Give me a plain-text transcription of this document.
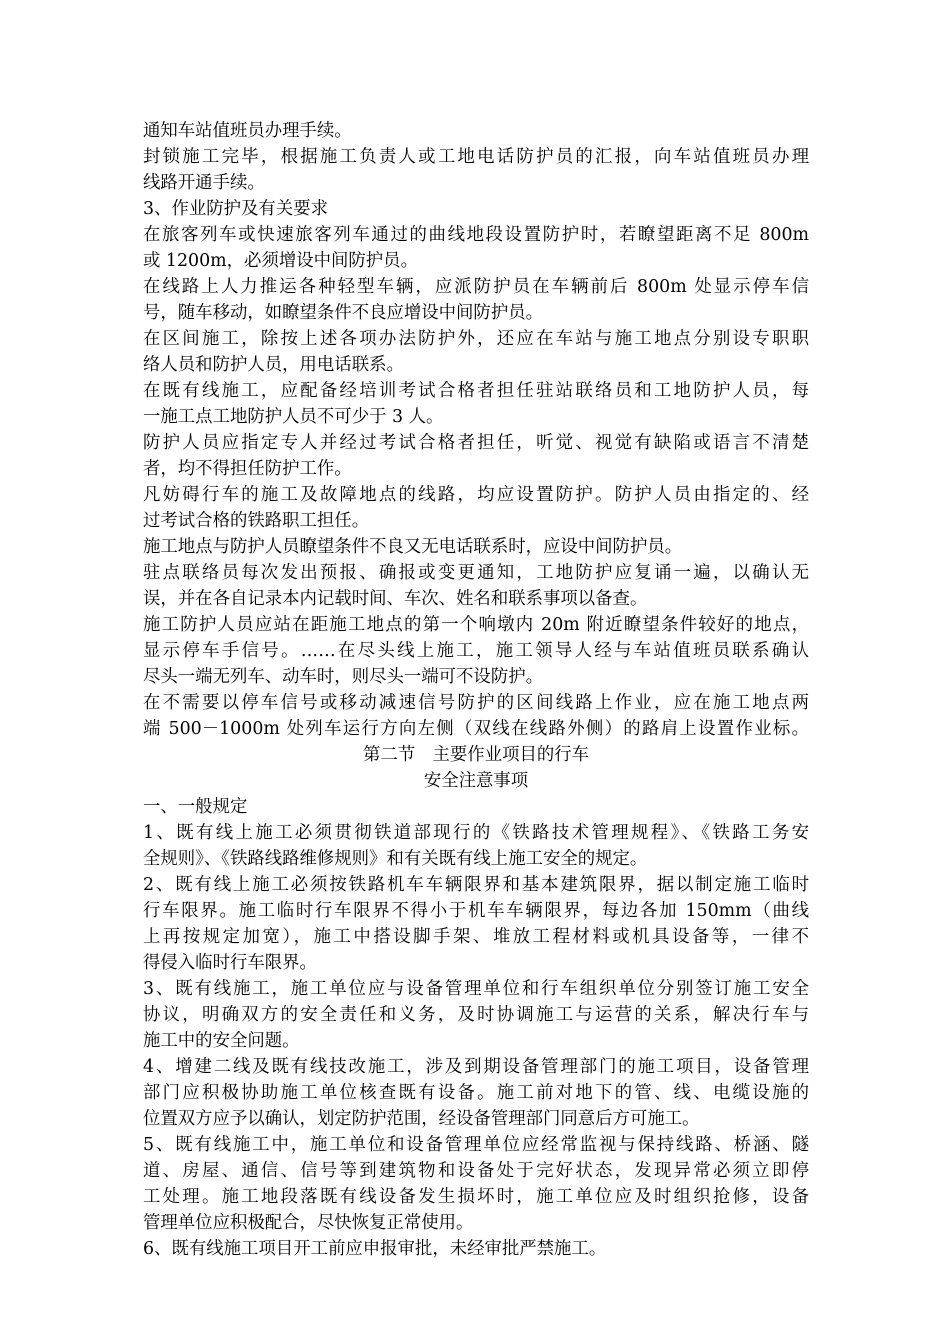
通知车站值班员办理手续。
封锁施工完毕，根据施工负责人或工地电话防护员的汇报，向车站值班员办理
线路开通手续。
3、作业防护及有关要求
在旅客列车或快速旅客列车通过的曲线地段设置防护时，若瞭望距离不足 800m
或 1200m，必须增设中间防护员。
在线路上人力推运各种轻型车辆，应派防护员在车辆前后 800m 处显示停车信
号，随车移动，如瞭望条件不良应增设中间防护员。
在区间施工，除按上述各项办法防护外，还应在车站与施工地点分别设专职职
络人员和防护人员，用电话联系。
在既有线施工，应配备经培训考试合格者担任驻站联络员和工地防护人员，每
一施工点工地防护人员不可少于 3 人。
防护人员应指定专人并经过考试合格者担任，听觉、视觉有缺陷或语言不清楚
者，均不得担任防护工作。
凡妨碍行车的施工及故障地点的线路，均应设置防护。防护人员由指定的、经
过考试合格的铁路职工担任。
施工地点与防护人员瞭望条件不良又无电话联系时，应设中间防护员。
驻点联络员每次发出预报、确报或变更通知，工地防护应复诵一遍，以确认无
误，并在各自记录本内记载时间、车次、姓名和联系事项以备查。
施工防护人员应站在距施工地点的第一个响墩内 20m 附近瞭望条件较好的地点，
显示停车手信号。……在尽头线上施工，施工领导人经与车站值班员联系确认
尽头一端无列车、动车时，则尽头一端可不设防护。
在不需要以停车信号或移动减速信号防护的区间线路上作业，应在施工地点两
端 500－1000m 处列车运行方向左侧（双线在线路外侧）的路肩上设置作业标。
第二节　主要作业项目的行车
安全注意事项
一、一般规定
1、既有线上施工必须贯彻铁道部现行的《铁路技术管理规程》、《铁路工务安
全规则》、《铁路线路维修规则》和有关既有线上施工安全的规定。
2、既有线上施工必须按铁路机车车辆限界和基本建筑限界，据以制定施工临时
行车限界。施工临时行车限界不得小于机车车辆限界，每边各加 150mm（曲线
上再按规定加宽），施工中搭设脚手架、堆放工程材料或机具设备等，一律不
得侵入临时行车限界。
3、既有线施工，施工单位应与设备管理单位和行车组织单位分别签订施工安全
协议，明确双方的安全责任和义务，及时协调施工与运营的关系，解决行车与
施工中的安全问题。
4、增建二线及既有线技改施工，涉及到期设备管理部门的施工项目，设备管理
部门应积极协助施工单位核查既有设备。施工前对地下的管、线、电缆设施的
位置双方应予以确认，划定防护范围，经设备管理部门同意后方可施工。
5、既有线施工中，施工单位和设备管理单位应经常监视与保持线路、桥涵、隧
道、房屋、通信、信号等到建筑物和设备处于完好状态，发现异常必须立即停
工处理。施工地段落既有线设备发生损坏时，施工单位应及时组织抢修，设备
管理单位应积极配合，尽快恢复正常使用。
6、既有线施工项目开工前应申报审批，未经审批严禁施工。
